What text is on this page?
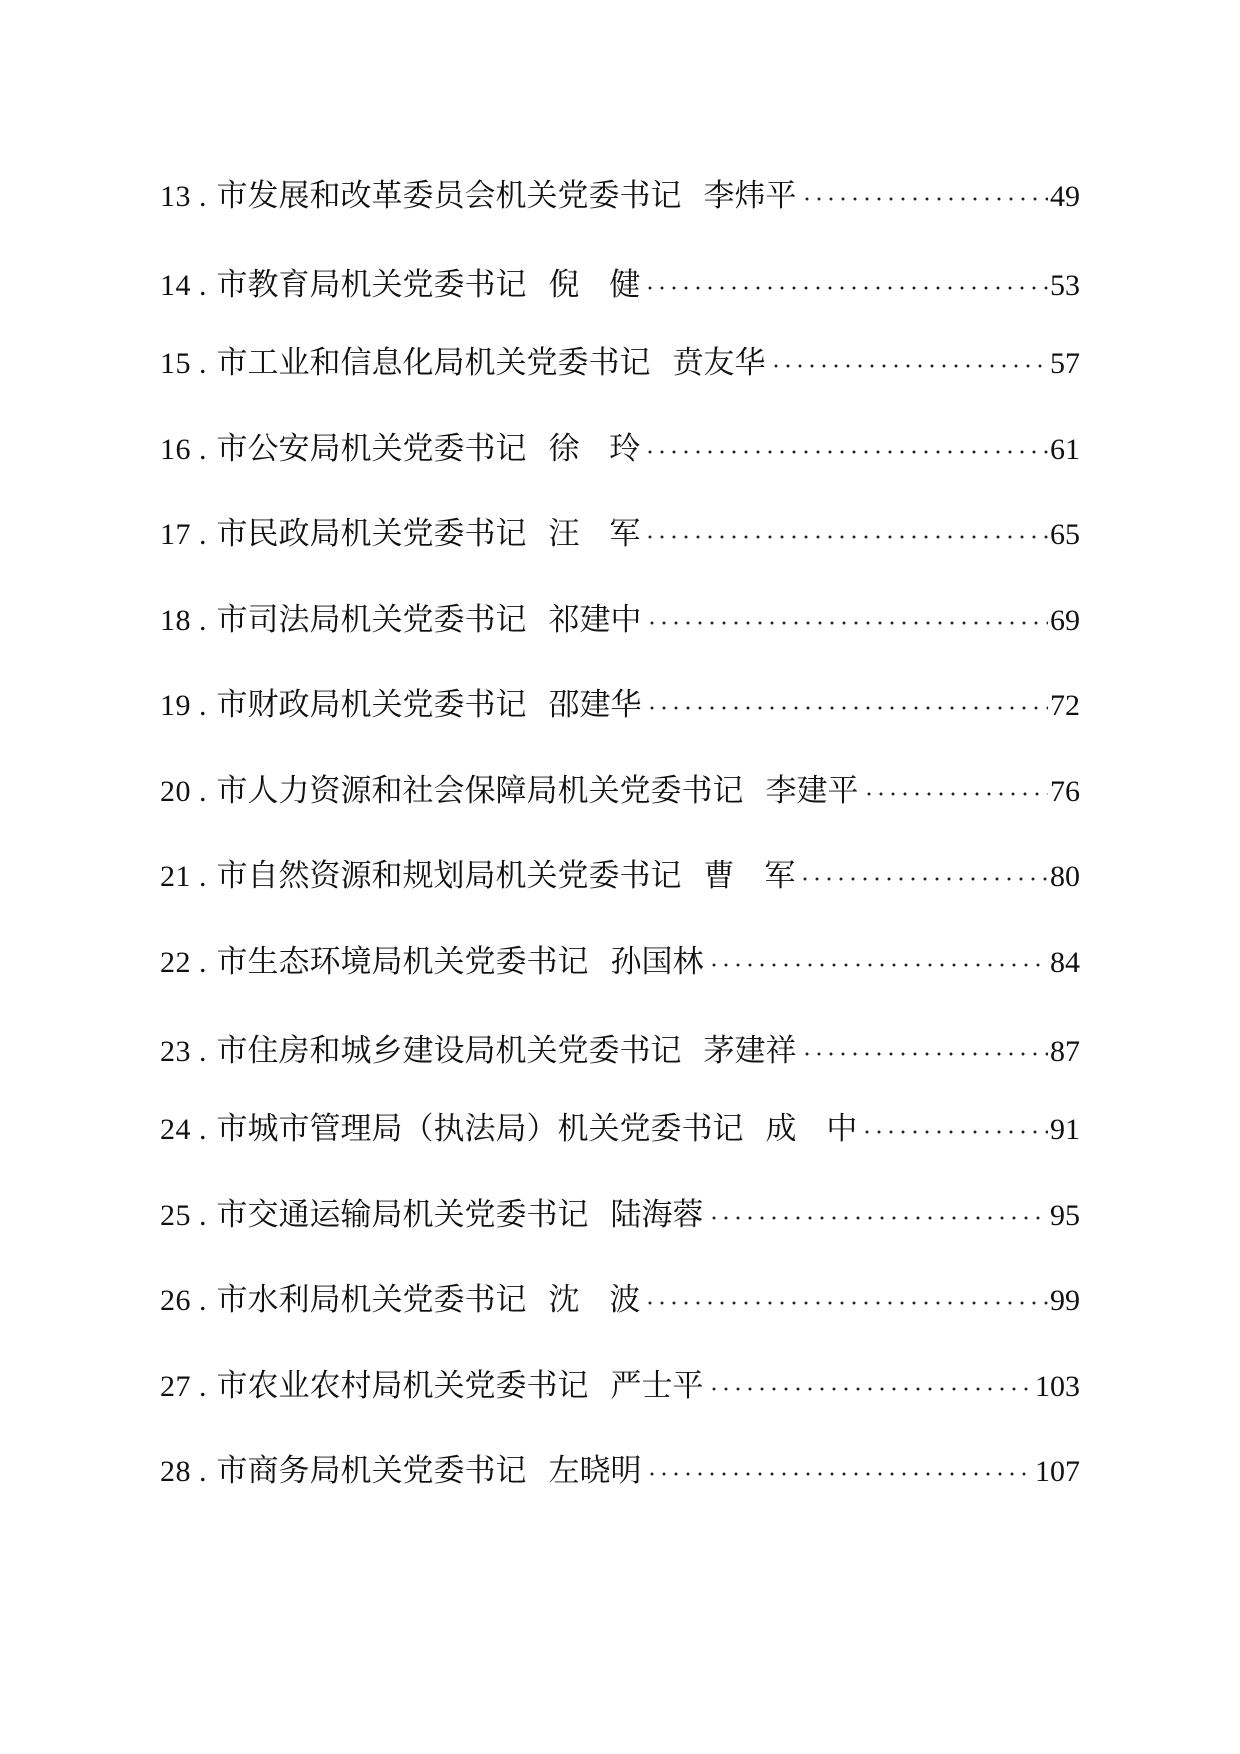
13 . 市发展和改革委员会机关党委书记 李炜平	49
14 . 市教育局机关党委书记 倪 健	53
15 . 市工业和信息化局机关党委书记 贲友华	57
16 . 市公安局机关党委书记 徐 玲	61
17 . 市民政局机关党委书记 汪 军	65
18 . 市司法局机关党委书记 祁建中	69
19 . 市财政局机关党委书记 邵建华	72
20 . 市人力资源和社会保障局机关党委书记 李建平	76
21 . 市自然资源和规划局机关党委书记 曹 军	80
22 . 市生态环境局机关党委书记 孙国林	84
23 . 市住房和城乡建设局机关党委书记 茅建祥	87
24 . 市城市管理局（执法局）机关党委书记 成 中	91
25 . 市交通运输局机关党委书记 陆海蓉	95
26 . 市水利局机关党委书记 沈 波	99
27 . 市农业农村局机关党委书记 严士平	103
28 . 市商务局机关党委书记 左晓明	107
